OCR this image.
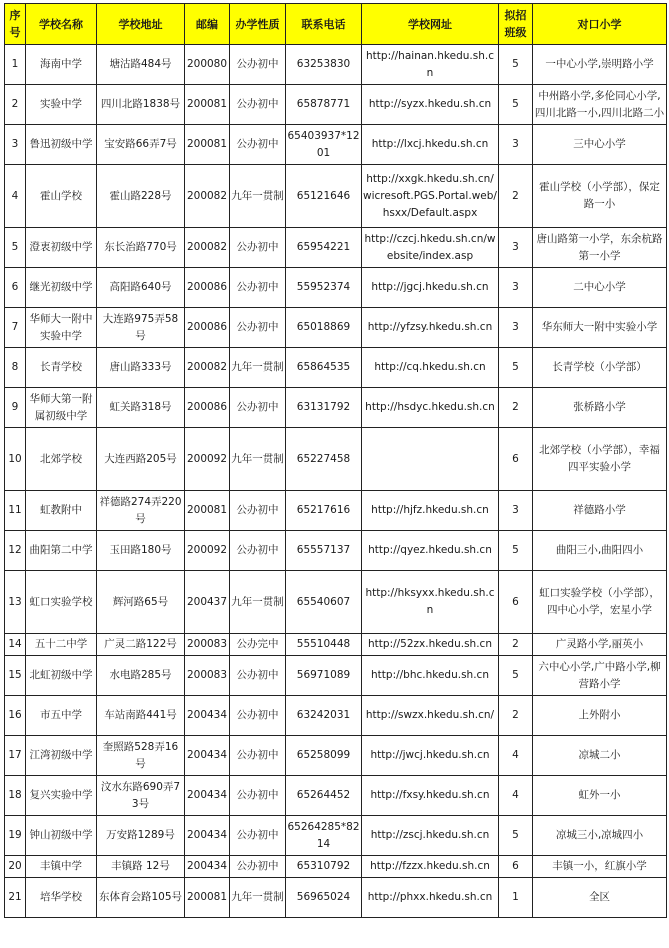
序号	学校名称	学校地址	邮编	办学性质	联系电话	学校网址	拟招班级	对口小学
1	海南中学	塘沽路484号	200080	公办初中	63253830	http://hainan.hkedu.sh.cn	5	一中心小学,崇明路小学
2	实验中学	四川北路1838号	200081	公办初中	65878771	http://syzx.hkedu.sh.cn	5	中州路小学,多伦同心小学,四川北路一小,四川北路二小
3	鲁迅初级中学	宝安路66弄7号	200081	公办初中	65403937*1201	http://lxcj.hkedu.sh.cn	3	三中心小学
4	霍山学校	霍山路228号	200082	九年一贯制	65121646	http://xxgk.hkedu.sh.cn/wicresoft.PGS.Portal.web/hsxx/Default.aspx	2	霍山学校（小学部），保定路一小
5	澄衷初级中学	东长治路770号	200082	公办初中	65954221	http://czcj.hkedu.sh.cn/website/index.asp	3	唐山路第一小学，东余杭路第一小学
6	继光初级中学	高阳路640号	200086	公办初中	55952374	http://jgcj.hkedu.sh.cn	3	二中心小学
7	华师大一附中实验中学	大连路975弄58号	200086	公办初中	65018869	http://yfzsy.hkedu.sh.cn	3	华东师大一附中实验小学
8	长青学校	唐山路333号	200082	九年一贯制	65864535	http://cq.hkedu.sh.cn	5	长青学校（小学部）
9	华师大第一附属初级中学	虹关路318号	200086	公办初中	63131792	http://hsdyc.hkedu.sh.cn	2	张桥路小学
10	北郊学校	大连西路205号	200092	九年一贯制	65227458		6	北郊学校（小学部），幸福四平实验小学
11	虹教附中	祥德路274弄220号	200081	公办初中	65217616	http://hjfz.hkedu.sh.cn	3	祥德路小学
12	曲阳第二中学	玉田路180号	200092	公办初中	65557137	http://qyez.hkedu.sh.cn	5	曲阳三小,曲阳四小
13	虹口实验学校	辉河路65号	200437	九年一贯制	65540607	http://hksyxx.hkedu.sh.cn	6	虹口实验学校（小学部），四中心小学，宏星小学
14	五十二中学	广灵二路122号	200083	公办完中	55510448	http://52zx.hkedu.sh.cn	2	广灵路小学,丽英小
15	北虹初级中学	水电路285号	200083	公办初中	56971089	http://bhc.hkedu.sh.cn	5	六中心小学,广中路小学,柳营路小学
16	市五中学	车站南路441号	200434	公办初中	63242031	http://swzx.hkedu.sh.cn/	2	上外附小
17	江湾初级中学	奎照路528弄16号	200434	公办初中	65258099	http://jwcj.hkedu.sh.cn	4	凉城二小
18	复兴实验中学	汶水东路690弄73号	200434	公办初中	65264452	http://fxsy.hkedu.sh.cn	4	虹外一小
19	钟山初级中学	万安路1289号	200434	公办初中	65264285*8214	http://zscj.hkedu.sh.cn	5	凉城三小,凉城四小
20	丰镇中学	丰镇路 12号	200434	公办初中	65310792	http://fzzx.hkedu.sh.cn	6	丰镇一小，红旗小学
21	培华学校	东体育会路105号	200081	九年一贯制	56965024	http://phxx.hkedu.sh.cn	1	全区
